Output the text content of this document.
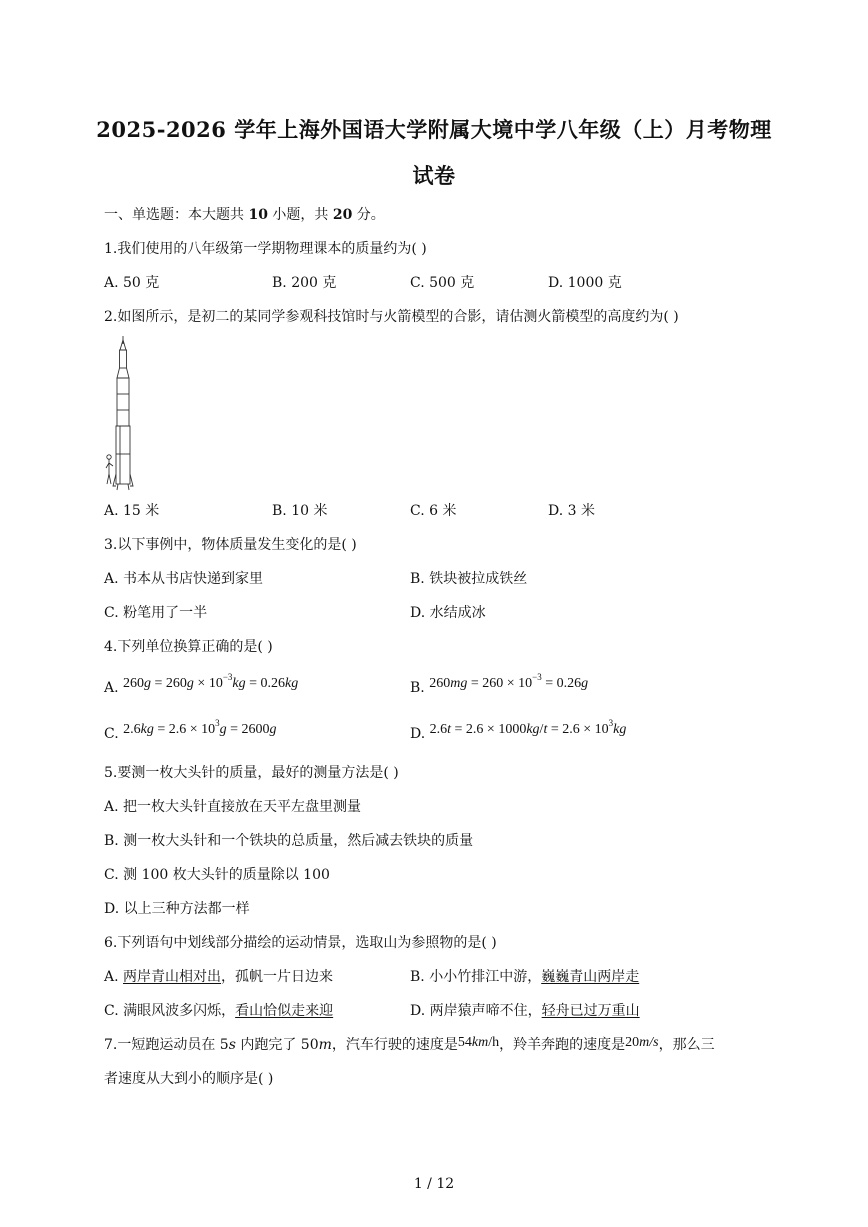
2025-2026 学年上海外国语大学附属大境中学八年级（上）月考物理
试卷
一、单选题：本大题共 10 小题，共 20 分。
1.我们使用的八年级第一学期物理课本的质量约为( )
A. 50 克	B. 200 克	C. 500 克	D. 1000 克
2.如图所示，是初二的某同学参观科技馆时与火箭模型的合影，请估测火箭模型的高度约为( )
A. 15 米	B. 10 米	C. 6 米	D. 3 米
3.以下事例中，物体质量发生变化的是( )
A. 书本从书店快递到家里	B. 铁块被拉成铁丝
C. 粉笔用了一半	D. 水结成冰
4.下列单位换算正确的是( )
A. $260g = 260g \times 10^{-3}kg = 0.26kg$	B. $260mg = 260 \times 10^{-3} = 0.26g$
C. $2.6kg = 2.6 \times 10^3g = 2600g$	D. $2.6t = 2.6 \times 1000kg/t = 2.6 \times 10^3kg$
5.要测一枚大头针的质量，最好的测量方法是( )
A. 把一枚大头针直接放在天平左盘里测量
B. 测一枚大头针和一个铁块的总质量，然后减去铁块的质量
C. 测 100 枚大头针的质量除以 100
D. 以上三种方法都一样
6.下列语句中划线部分描绘的运动情景，选取山为参照物的是( )
A. 两岸青山相对出，孤帆一片日边来	B. 小小竹排江中游，巍巍青山两岸走
C. 满眼风波多闪烁，看山恰似走来迎	D. 两岸猿声啼不住，轻舟已过万重山
7.一短跑运动员在 5s 内跑完了 50m，汽车行驶的速度是54km/h，羚羊奔跑的速度是20m/s，那么三
者速度从大到小的顺序是( )
1 / 12
